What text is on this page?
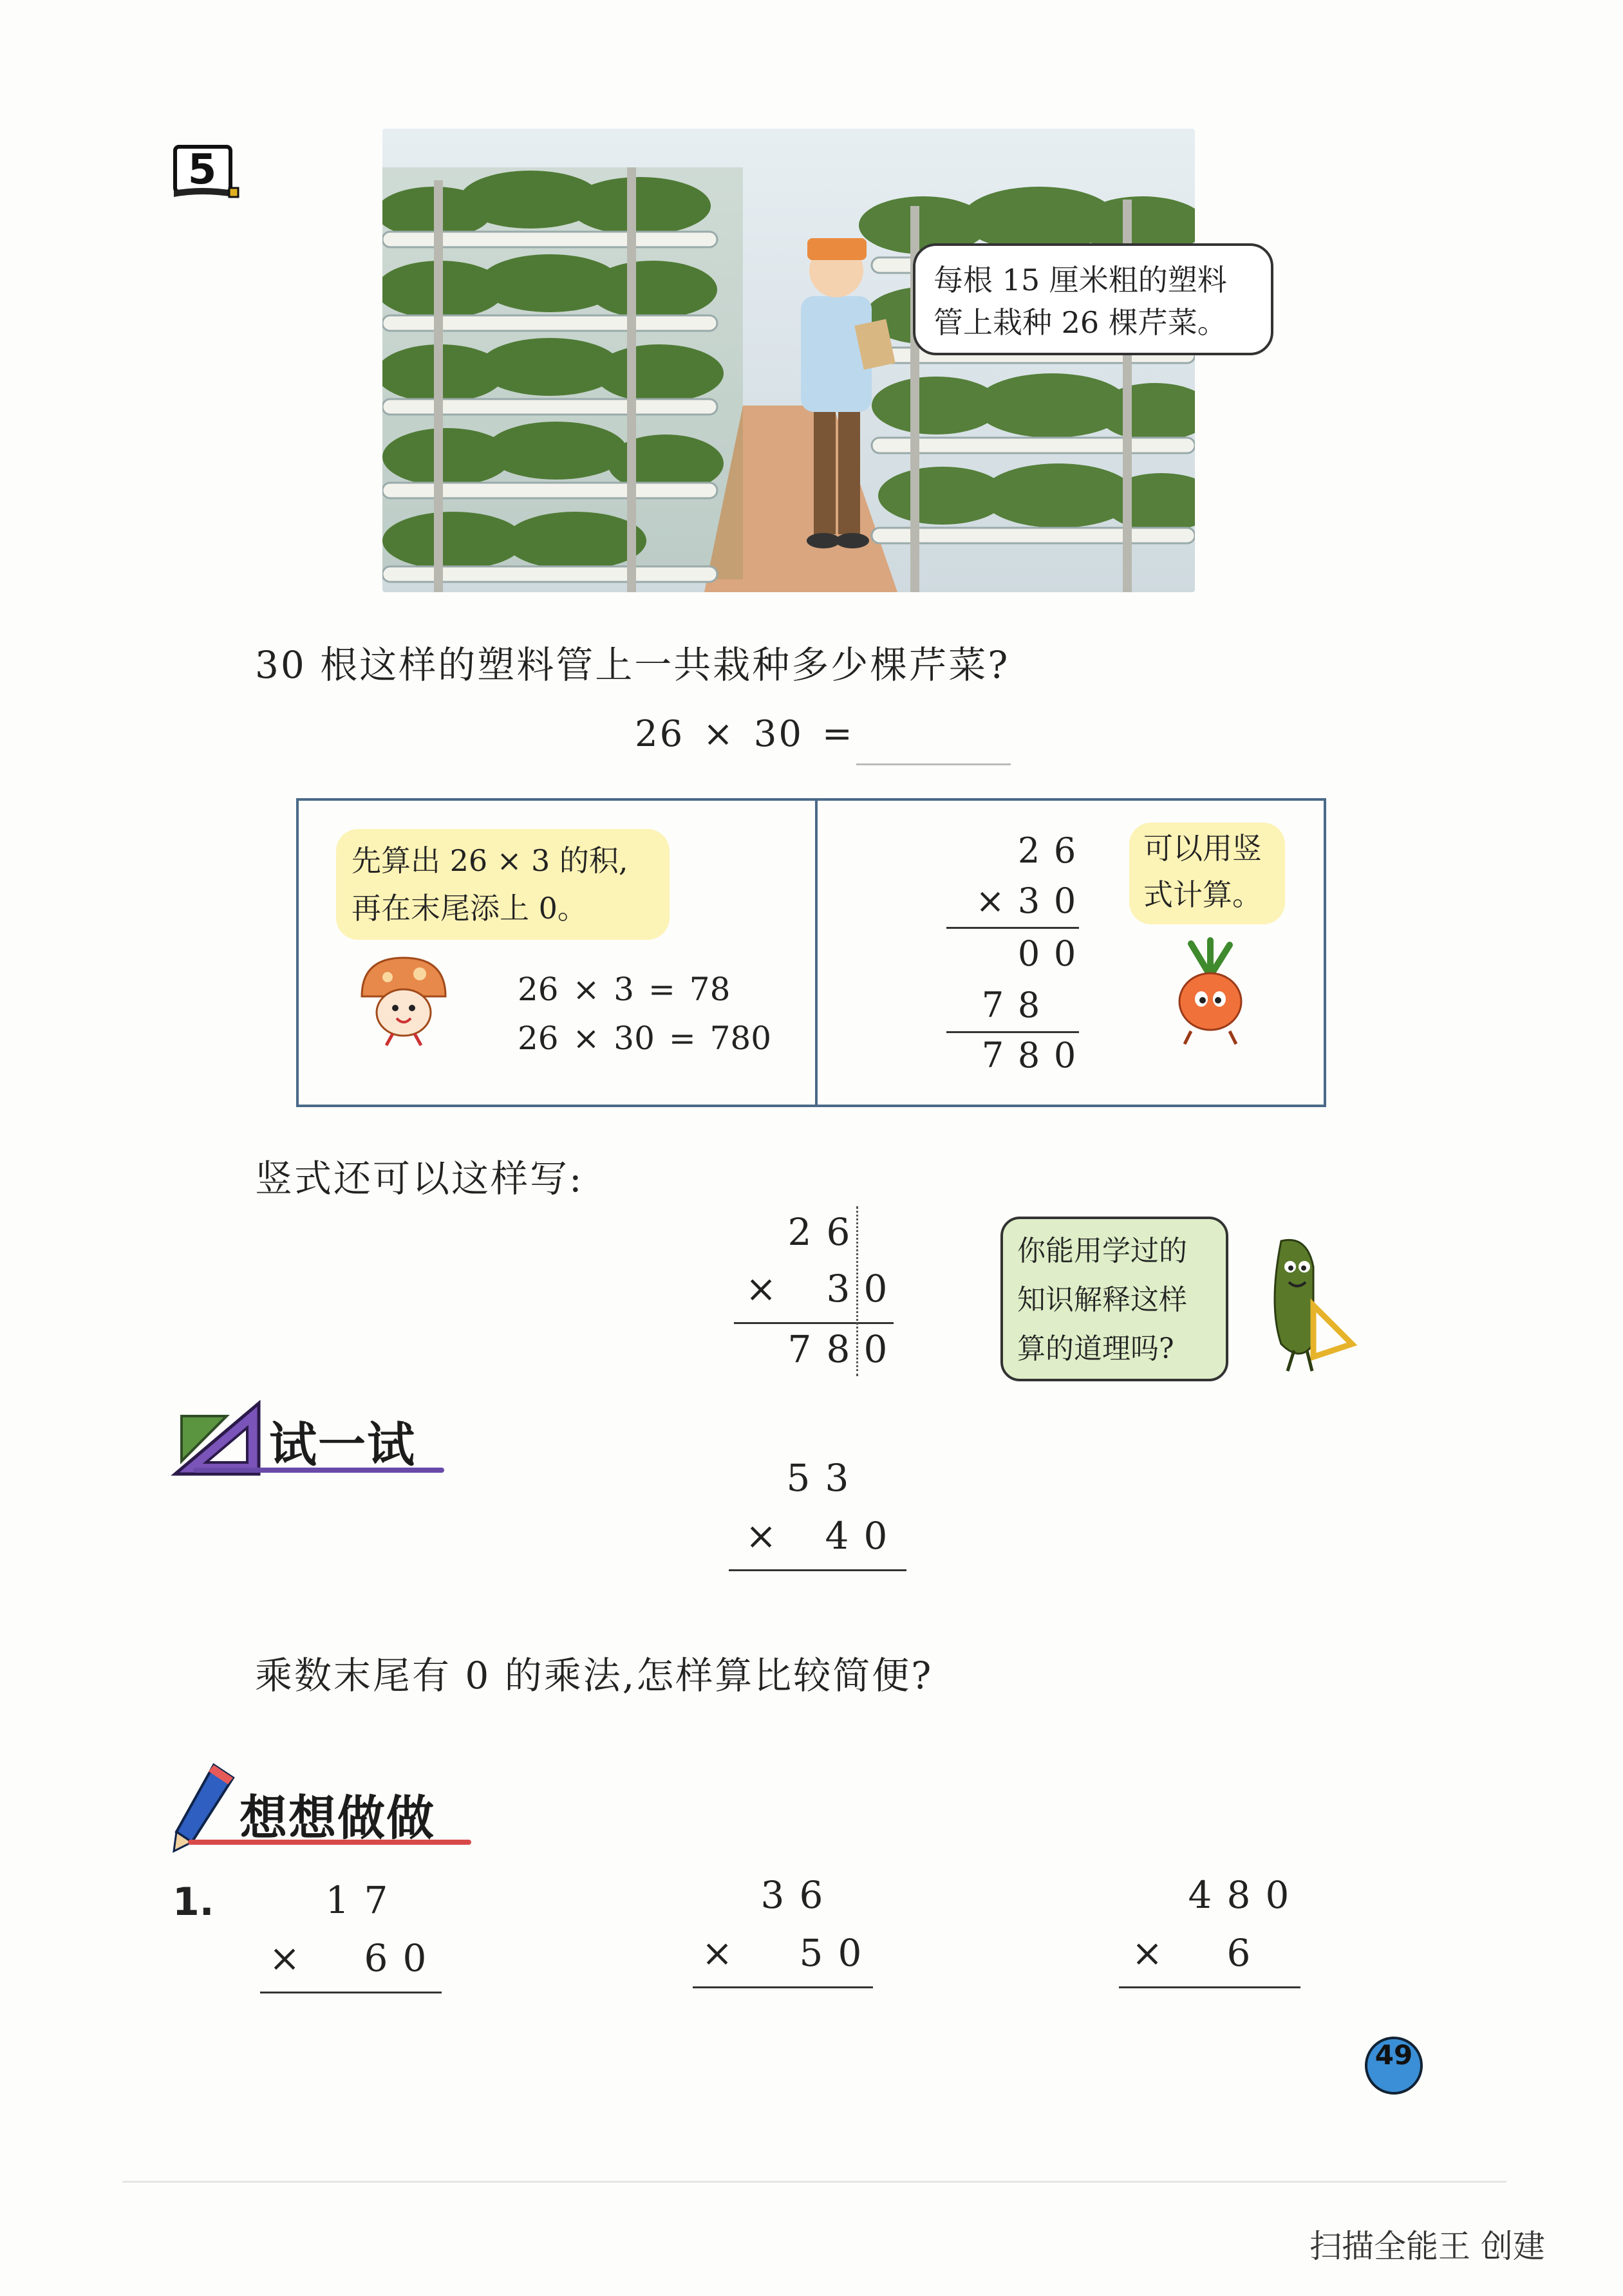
5
每根 15 厘米粗的塑料
管上栽种 26 棵芹菜。
30 根这样的塑料管上一共栽种多少棵芹菜?
26 × 30 =
先算出 26 × 3 的积,
再在末尾添上 0。
26 × 3 = 78
26 × 30 = 780
2 6
× 3 0
0 0
7 8
7 8 0
可以用竖
式计算。
竖式还可以这样写:
2 6
× 3 0
7 8 0
你能用学过的
知识解释这样
算的道理吗?
试一试
5 3
× 4 0
乘数末尾有 0 的乘法,怎样算比较简便?
想想做做
1.	1 7
× 6 0
3 6
× 5 0
4 8 0
× 6
49
扫描全能王 创建
